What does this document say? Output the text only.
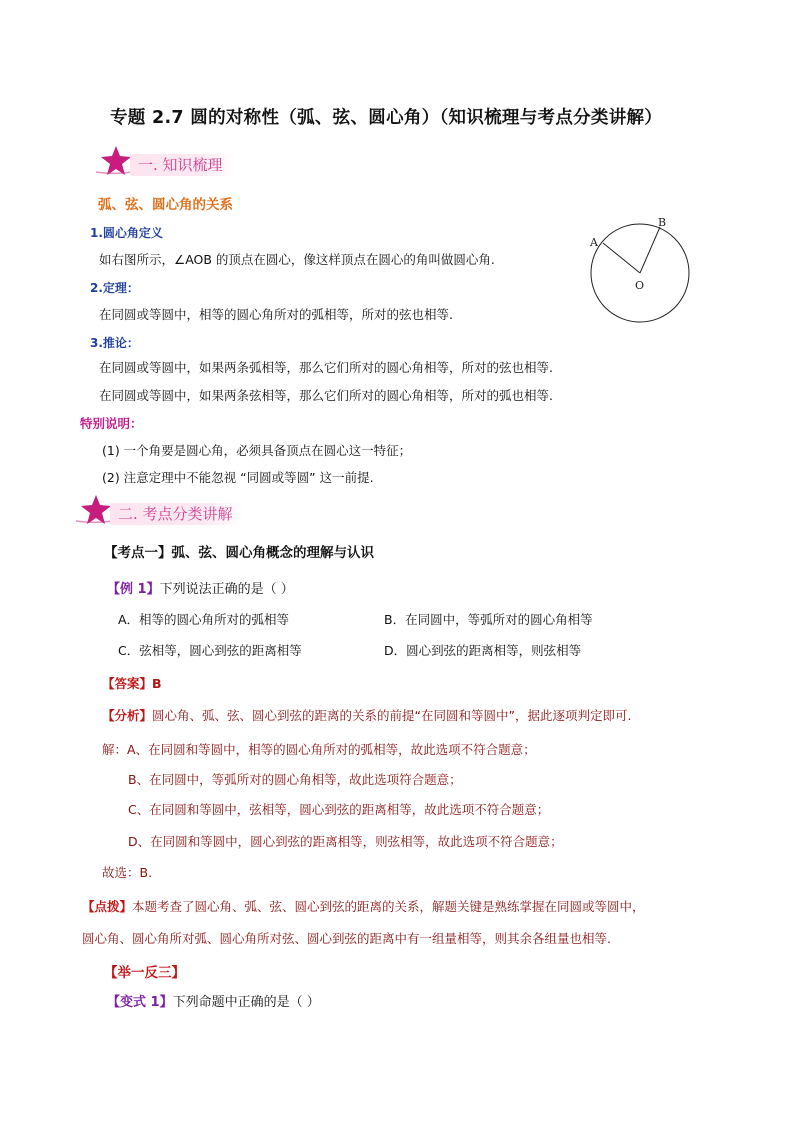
专题 2.7 圆的对称性（弧、弦、圆心角）（知识梳理与考点分类讲解）
一. 知识梳理
弧、弦、圆心角的关系
1.圆心角定义
如右图所示，∠AOB 的顶点在圆心，像这样顶点在圆心的角叫做圆心角.
2.定理：
在同圆或等圆中，相等的圆心角所对的弧相等，所对的弦也相等.
3.推论：
在同圆或等圆中，如果两条弧相等，那么它们所对的圆心角相等，所对的弦也相等.
在同圆或等圆中，如果两条弦相等，那么它们所对的圆心角相等，所对的弧也相等.
特别说明：
(1) 一个角要是圆心角，必须具备顶点在圆心这一特征；
(2) 注意定理中不能忽视 “同圆或等圆” 这一前提.
A
B
O
二. 考点分类讲解
【考点一】弧、弦、圆心角概念的理解与认识
【例 1】下列说法正确的是（ ）
A．相等的圆心角所对的弧相等	B．在同圆中，等弧所对的圆心角相等
C．弦相等，圆心到弦的距离相等	D．圆心到弦的距离相等，则弦相等
【答案】B
【分析】圆心角、弧、弦、圆心到弦的距离的关系的前提“在同圆和等圆中”，据此逐项判定即可.
解：A、在同圆和等圆中，相等的圆心角所对的弧相等，故此选项不符合题意；
B、在同圆中，等弧所对的圆心角相等，故此选项符合题意；
C、在同圆和等圆中，弦相等，圆心到弦的距离相等，故此选项不符合题意；
D、在同圆和等圆中，圆心到弦的距离相等，则弦相等，故此选项不符合题意；
故选：B.
【点拨】本题考查了圆心角、弧、弦、圆心到弦的距离的关系，解题关键是熟练掌握在同圆或等圆中，
圆心角、圆心角所对弧、圆心角所对弦、圆心到弦的距离中有一组量相等，则其余各组量也相等.
【举一反三】
【变式 1】下列命题中正确的是（ ）
